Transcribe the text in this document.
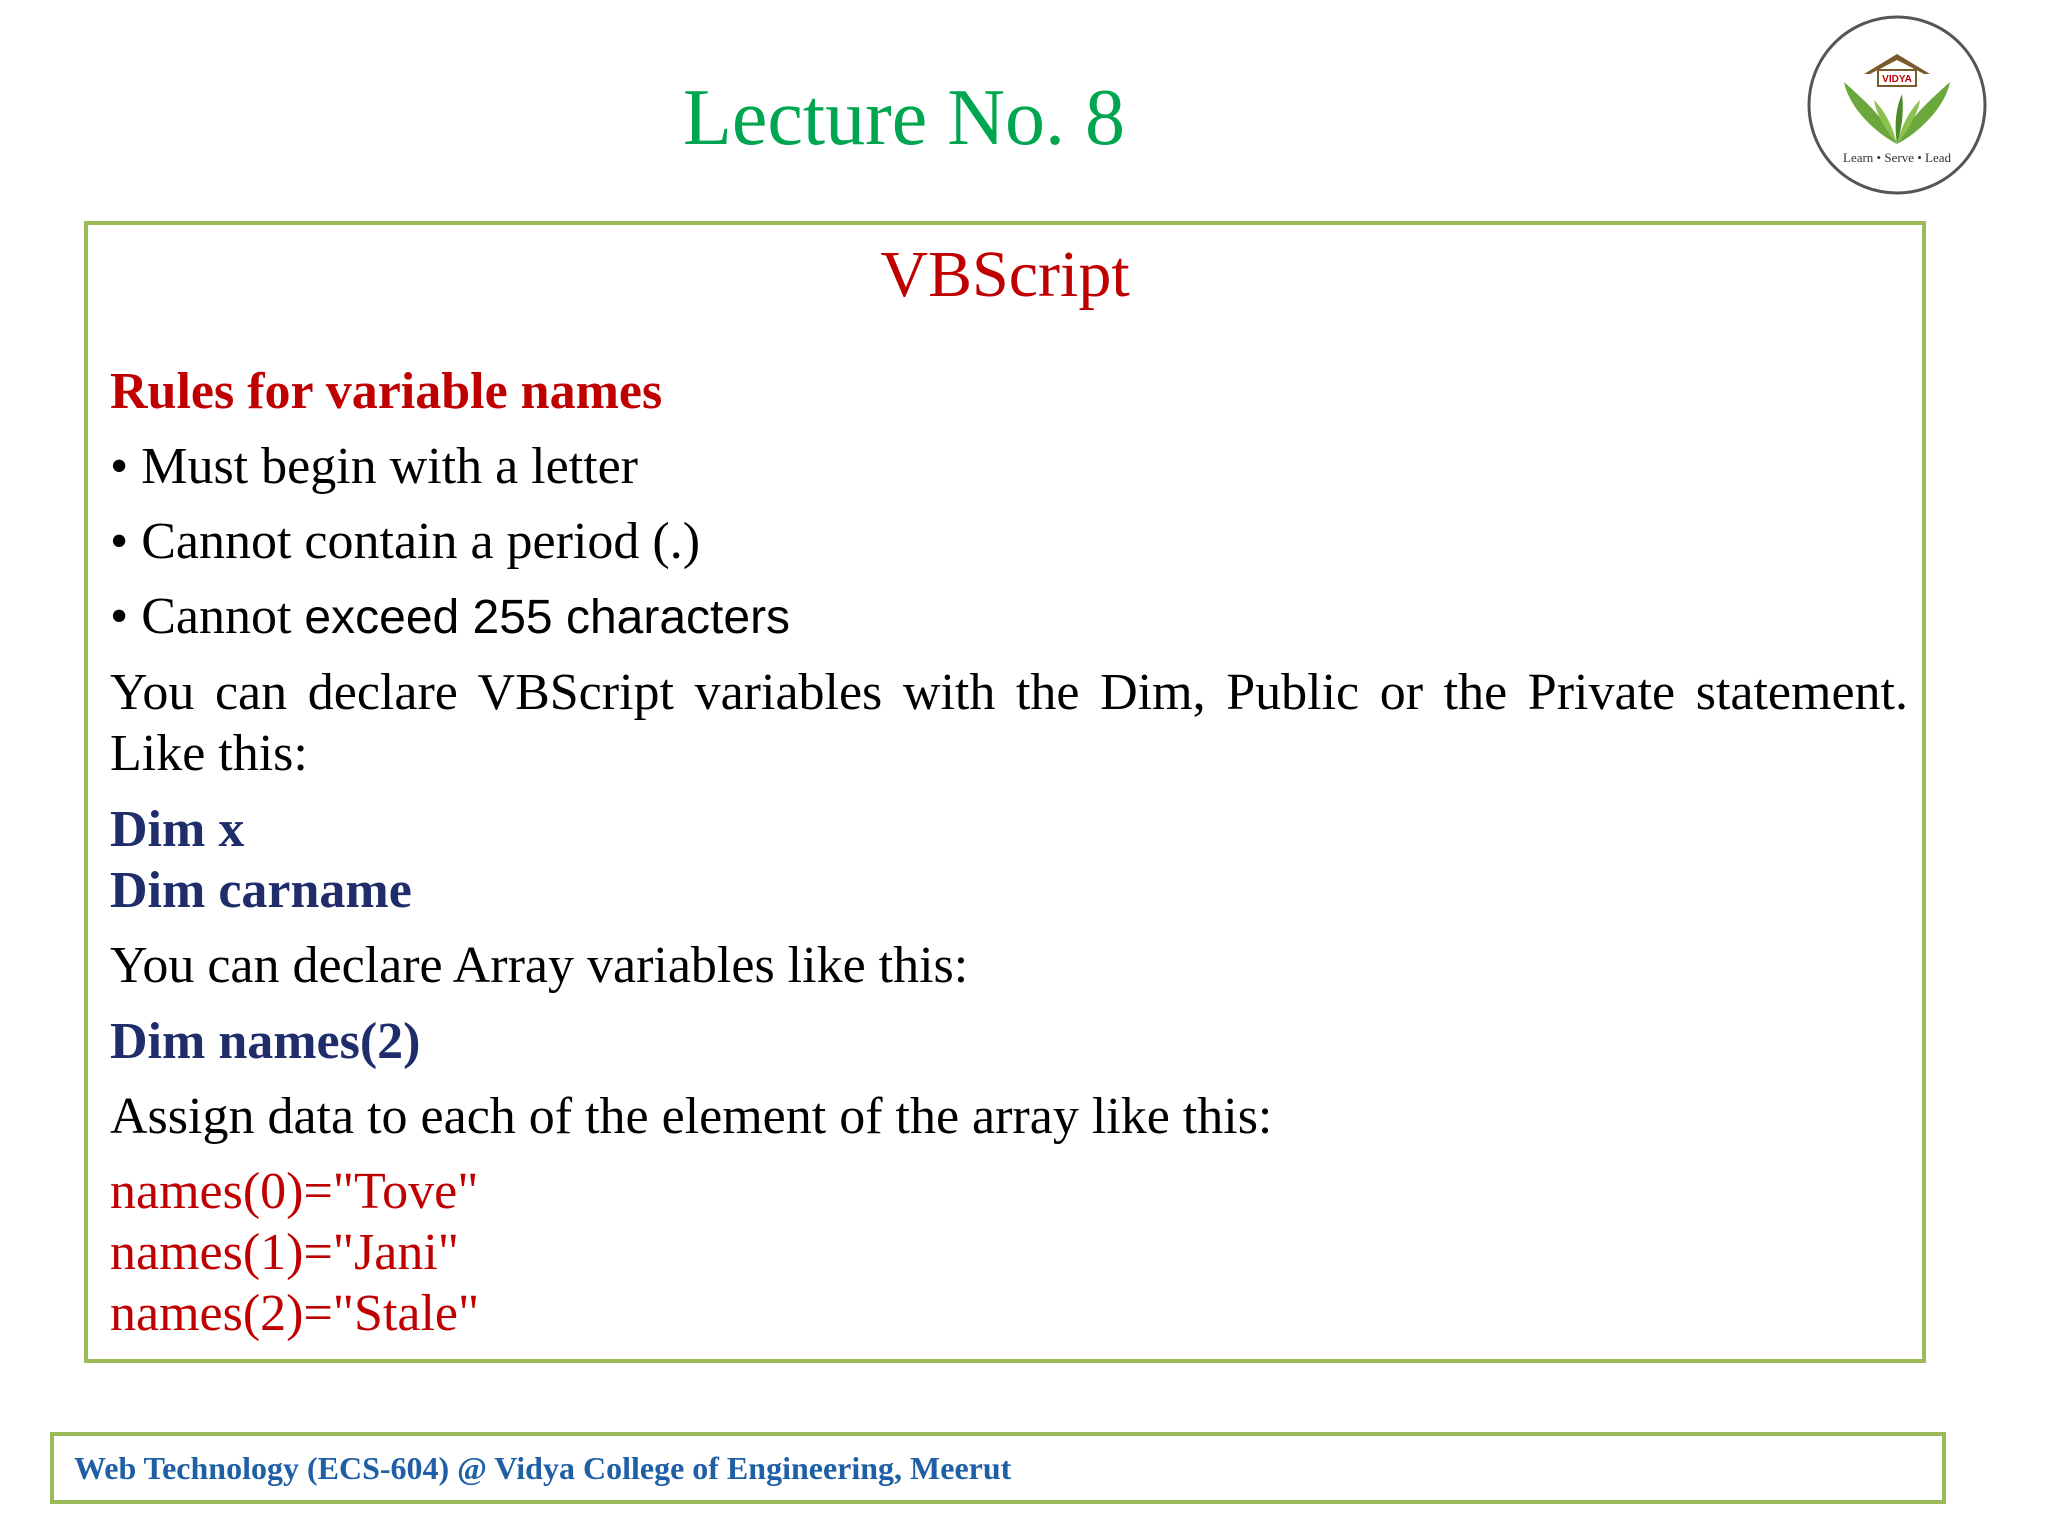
Lecture No. 8	VIDYA
Learn • Serve • Lead
VBScript
Rules for variable names
• Must begin with a letter
• Cannot contain a period (.)
• Cannot exceed 255 characters
You can declare VBScript variables with the Dim, Public or the Private statement. Like this:
Dim x
Dim carname
You can declare Array variables like this:
Dim names(2)
Assign data to each of the element of the array like this:
names(0)="Tove"
names(1)="Jani"
names(2)="Stale"
Web Technology (ECS-604) @ Vidya College of Engineering, Meerut
